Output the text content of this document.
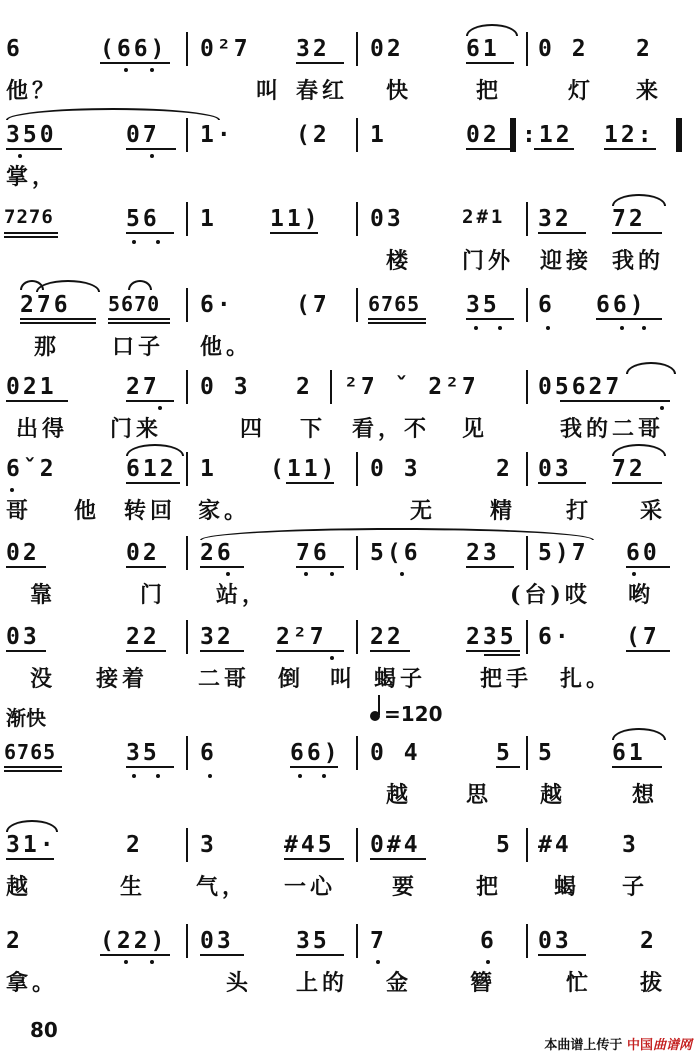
6	(66) 0²7 32 02	61 0 2 2
他？	叫 春红 快	把	灯 来
350	07 1·	(2 1	02 :12 12:
掌，
7276	56 1 11) 03	2#1 32 72
楼 门外 迎接 我的
276 5670 6·	(7 6765 35 6 66)
那 口子 他。
021	27 0 3 2 ²7 ˇ 2²7	05627
出得 门来	四 下 看，不 见	我的二哥
6ˇ2	612 1 (11) 0 3	2 03 72
哥 他 转回 家。	无 精 打 采
02	02 26	76 5(6 23 5)7 60
靠	门 站，	(台)哎 哟
03	22 32 2²7 22	235 6· (7
没 接着 二哥 倒 叫 蝎子 把手 扎。
渐快	=120
6765	35 6	66) 0 4	5 5 61
越 思 越	想
31·	2 3	#45 0#4	5 #4 3
越	生 气， 一心	要	把 蝎 子
2	(22) 03	35 7	6 03	2
拿。	头 上的 金	簪	忙 拔
80
本曲谱上传于 中国曲谱网
